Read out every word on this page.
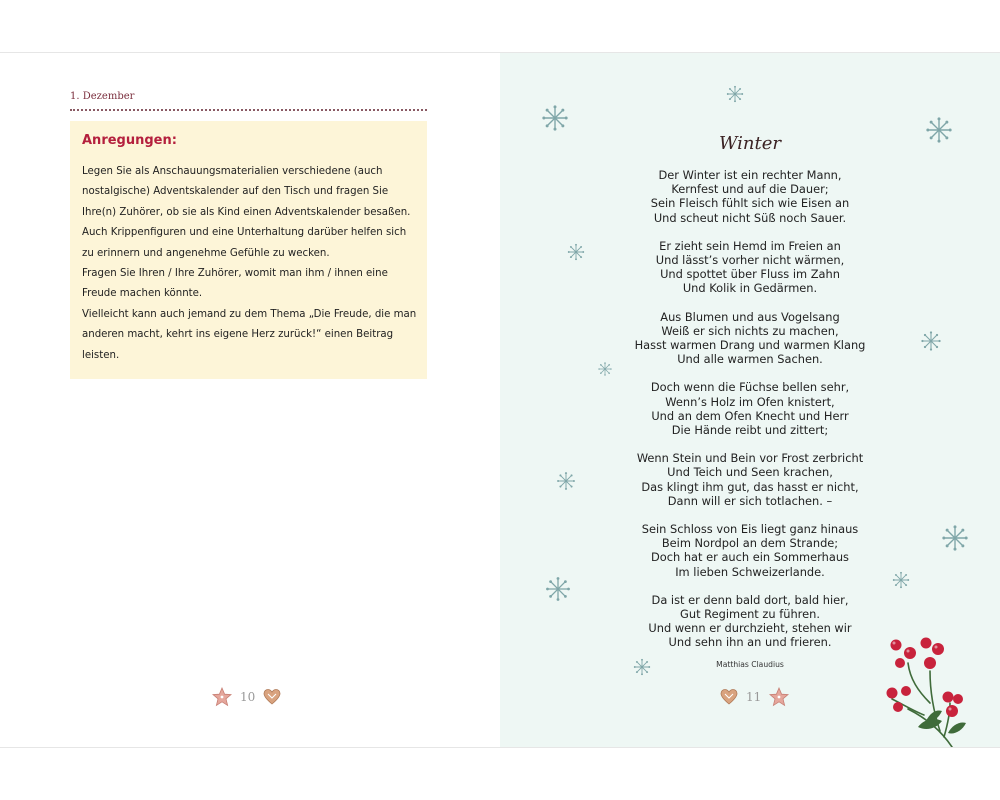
1. Dezember
Anregungen:
Legen Sie als Anschauungsmaterialien verschiedene (auch
nostalgische) Adventskalender auf den Tisch und fragen Sie
Ihre(n) Zuhörer, ob sie als Kind einen Adventskalender besaßen.
Auch Krippenfiguren und eine Unterhaltung darüber helfen sich
zu erinnern und angenehme Gefühle zu wecken.
Fragen Sie Ihren / Ihre Zuhörer, womit man ihm / ihnen eine
Freude machen könnte.
Vielleicht kann auch jemand zu dem Thema „Die Freude, die man
anderen macht, kehrt ins eigene Herz zurück!“ einen Beitrag
leisten.
10
Winter
Der Winter ist ein rechter Mann,
Kernfest und auf die Dauer;
Sein Fleisch fühlt sich wie Eisen an
Und scheut nicht Süß noch Sauer.
Er zieht sein Hemd im Freien an
Und lässt’s vorher nicht wärmen,
Und spottet über Fluss im Zahn
Und Kolik in Gedärmen.
Aus Blumen und aus Vogelsang
Weiß er sich nichts zu machen,
Hasst warmen Drang und warmen Klang
Und alle warmen Sachen.
Doch wenn die Füchse bellen sehr,
Wenn’s Holz im Ofen knistert,
Und an dem Ofen Knecht und Herr
Die Hände reibt und zittert;
Wenn Stein und Bein vor Frost zerbricht
Und Teich und Seen krachen,
Das klingt ihm gut, das hasst er nicht,
Dann will er sich totlachen. –
Sein Schloss von Eis liegt ganz hinaus
Beim Nordpol an dem Strande;
Doch hat er auch ein Sommerhaus
Im lieben Schweizerlande.
Da ist er denn bald dort, bald hier,
Gut Regiment zu führen.
Und wenn er durchzieht, stehen wir
Und sehn ihn an und frieren.
Matthias Claudius
11
